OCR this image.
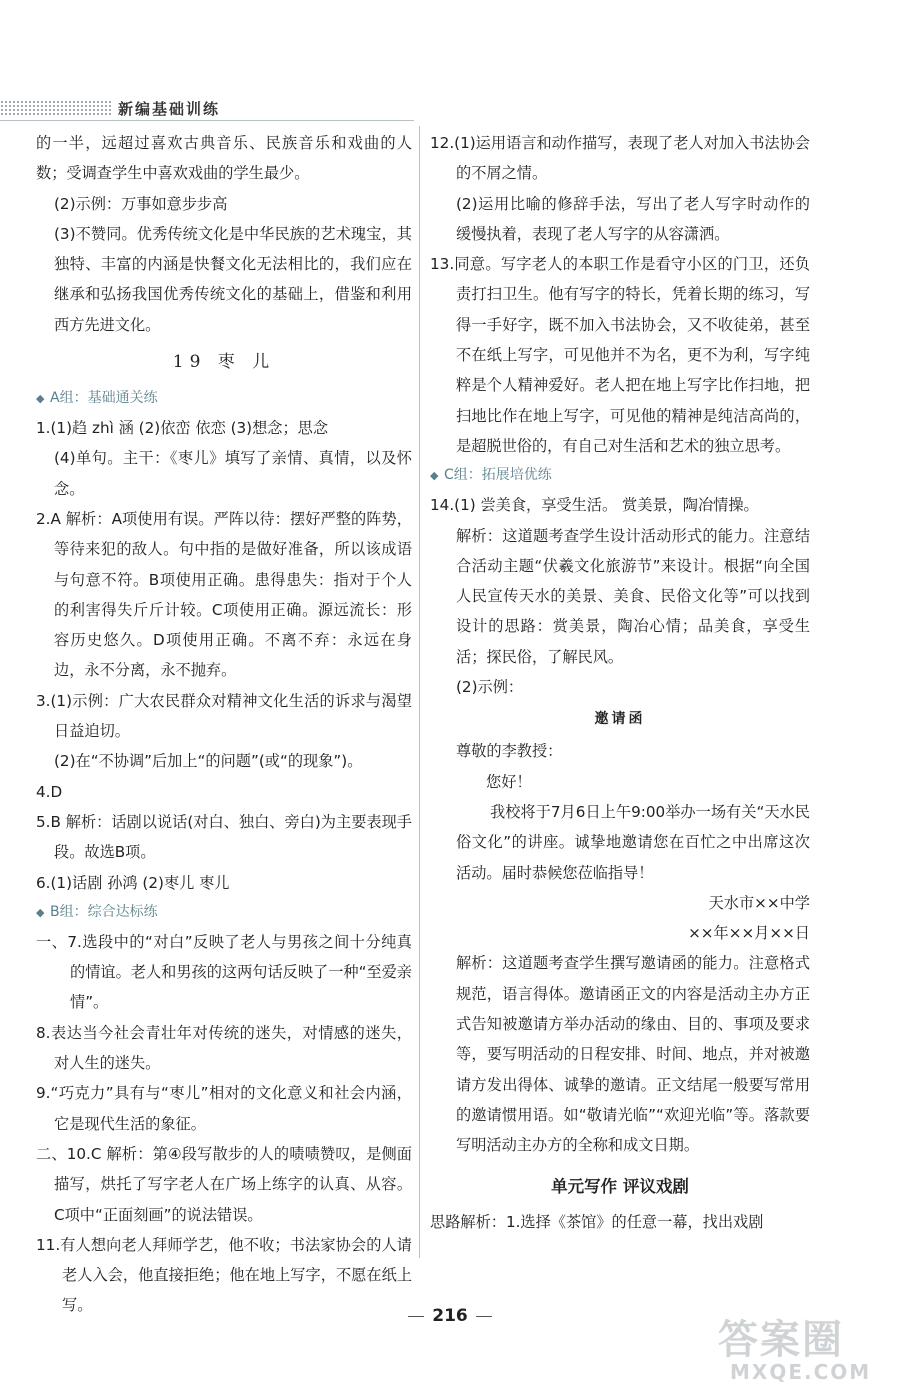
新编基础训练

的一半，远超过喜欢古典音乐、民族音乐和戏曲的人数；受调查学生中喜欢戏曲的学生最少。

(2)示例：万事如意步步高

(3)不赞同。优秀传统文化是中华民族的艺术瑰宝，其独特、丰富的内涵是快餐文化无法相比的，我们应在继承和弘扬我国优秀传统文化的基础上，借鉴和利用西方先进文化。

19 枣 儿
◆ A组：基础通关练

1.(1)趋 zhì 涵 (2)依峦 依恋 (3)想念；思念

(4)单句。主干：《枣儿》填写了亲情、真情，以及怀念。

2.A 解析：A项使用有误。严阵以待：摆好严整的阵势，等待来犯的敌人。句中指的是做好准备，所以该成语与句意不符。B项使用正确。患得患失：指对于个人的利害得失斤斤计较。C项使用正确。源远流长：形容历史悠久。D项使用正确。不离不弃：永远在身边，永不分离，永不抛弃。

3.(1)示例：广大农民群众对精神文化生活的诉求与渴望日益迫切。

(2)在“不协调”后加上“的问题”(或“的现象”)。

4.D

5.B 解析：话剧以说话(对白、独白、旁白)为主要表现手段。故选B项。

6.(1)话剧 孙鸿 (2)枣儿 枣儿

◆ B组：综合达标练

一、7.选段中的“对白”反映了老人与男孩之间十分纯真的情谊。老人和男孩的这两句话反映了一种“至爱亲情”。

8.表达当今社会青壮年对传统的迷失，对情感的迷失，对人生的迷失。

9.“巧克力”具有与“枣儿”相对的文化意义和社会内涵，它是现代生活的象征。

二、10.C 解析：第④段写散步的人的啧啧赞叹，是侧面描写，烘托了写字老人在广场上练字的认真、从容。C项中“正面刻画”的说法错误。

11.有人想向老人拜师学艺，他不收；书法家协会的人请老人入会，他直接拒绝；他在地上写字，不愿在纸上写。

12.(1)运用语言和动作描写，表现了老人对加入书法协会的不屑之情。

(2)运用比喻的修辞手法，写出了老人写字时动作的缓慢执着，表现了老人写字的从容潇洒。

13.同意。写字老人的本职工作是看守小区的门卫，还负责打扫卫生。他有写字的特长，凭着长期的练习，写得一手好字，既不加入书法协会，又不收徒弟，甚至不在纸上写字，可见他并不为名，更不为利，写字纯粹是个人精神爱好。老人把在地上写字比作扫地，把扫地比作在地上写字，可见他的精神是纯洁高尚的，是超脱世俗的，有自己对生活和艺术的独立思考。

◆ C组：拓展培优练

14.(1) 尝美食，享受生活。 赏美景，陶冶情操。

解析：这道题考查学生设计活动形式的能力。注意结合活动主题“伏羲文化旅游节”来设计。根据“向全国人民宣传天水的美景、美食、民俗文化等”可以找到设计的思路：赏美景，陶冶心情；品美食，享受生活；探民俗，了解民风。

(2)示例：

邀请函

尊敬的李教授：

您好！

我校将于7月6日上午9:00举办一场有关“天水民俗文化”的讲座。诚挚地邀请您在百忙之中出席这次活动。届时恭候您莅临指导！

天水市××中学

××年××月××日

解析：这道题考查学生撰写邀请函的能力。注意格式规范，语言得体。邀请函正文的内容是活动主办方正式告知被邀请方举办活动的缘由、目的、事项及要求等，要写明活动的日程安排、时间、地点，并对被邀请方发出得体、诚挚的邀请。正文结尾一般要写常用的邀请惯用语。如“敬请光临”“欢迎光临”等。落款要写明活动主办方的全称和成文日期。

单元写作 评议戏剧

思路解析：1.选择《茶馆》的任意一幕，找出戏剧

216	答案圈
MXQE.COM
